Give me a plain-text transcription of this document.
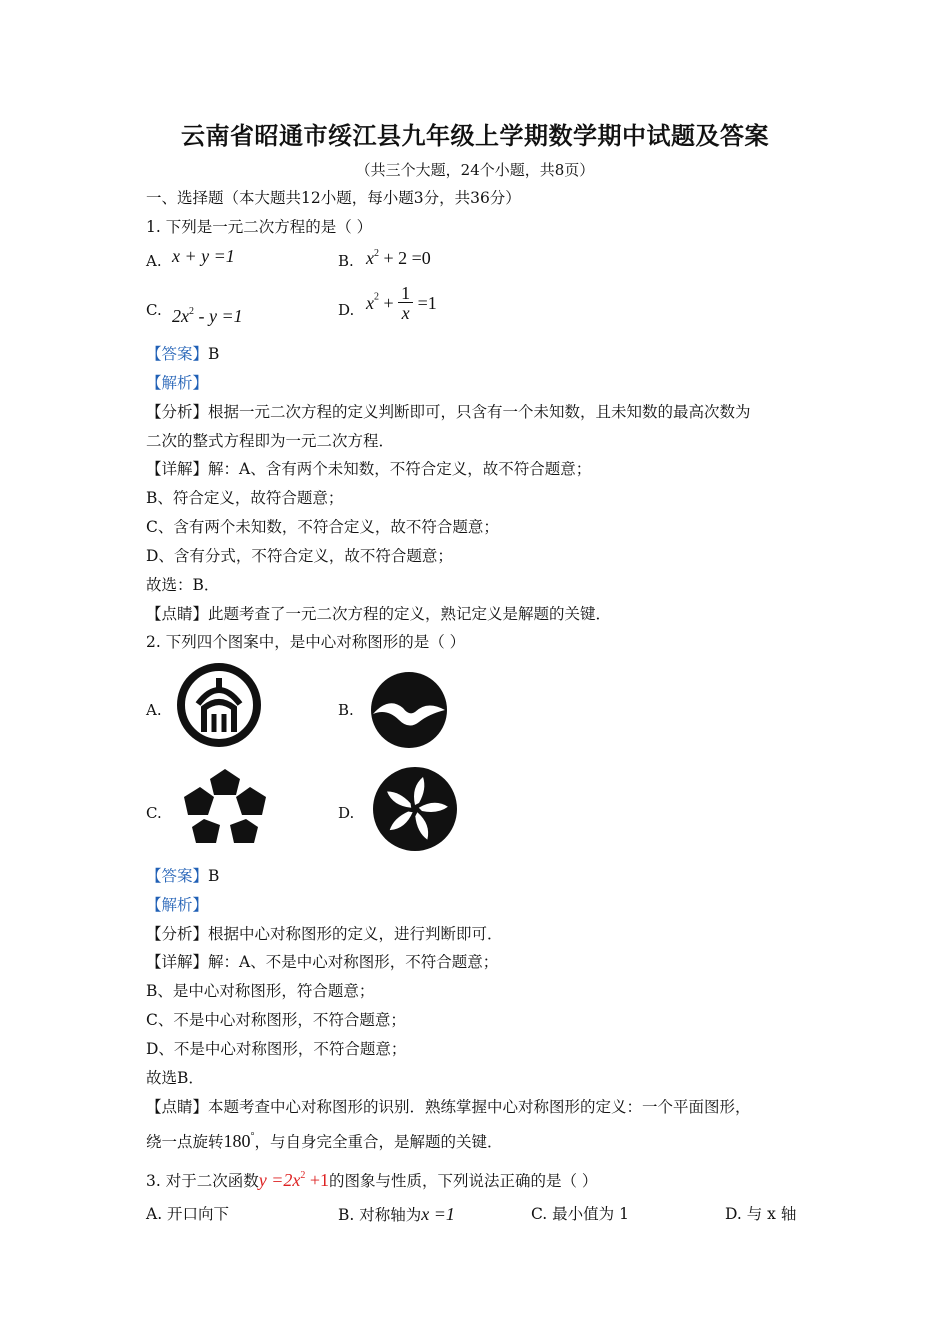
云南省昭通市绥江县九年级上学期数学期中试题及答案
（共三个大题，24个小题，共8页）
一、选择题（本大题共12小题，每小题3分，共36分）
1. 下列是一元二次方程的是（ ）
A. x + y =1	B. $x^2 + 2 =0$
C. $2x^2 - y =1$	D. $x^2 + \frac{1}{x} =1$
【答案】B
【解析】
【分析】根据一元二次方程的定义判断即可，只含有一个未知数，且未知数的最高次数为
二次的整式方程即为一元二次方程．
【详解】解：A、含有两个未知数，不符合定义，故不符合题意；
B、符合定义，故符合题意；
C、含有两个未知数，不符合定义，故不符合题意；
D、含有分式，不符合定义，故不符合题意；
故选：B．
【点睛】此题考查了一元二次方程的定义，熟记定义是解题的关键．
2. 下列四个图案中，是中心对称图形的是（ ）
A.	B.
C.	D.
【答案】B
【解析】
【分析】根据中心对称图形的定义，进行判断即可．
【详解】解：A、不是中心对称图形，不符合题意；
B、是中心对称图形，符合题意；
C、不是中心对称图形，不符合题意；
D、不是中心对称图形，不符合题意；
故选B．
【点睛】本题考查中心对称图形的识别．熟练掌握中心对称图形的定义：一个平面图形，
绕一点旋转180°，与自身完全重合，是解题的关键．
3. 对于二次函数$y =2x^2 +1$的图象与性质，下列说法正确的是（ ）
A. 开口向下	B. 对称轴为x =1	C. 最小值为 1	D. 与 x 轴
